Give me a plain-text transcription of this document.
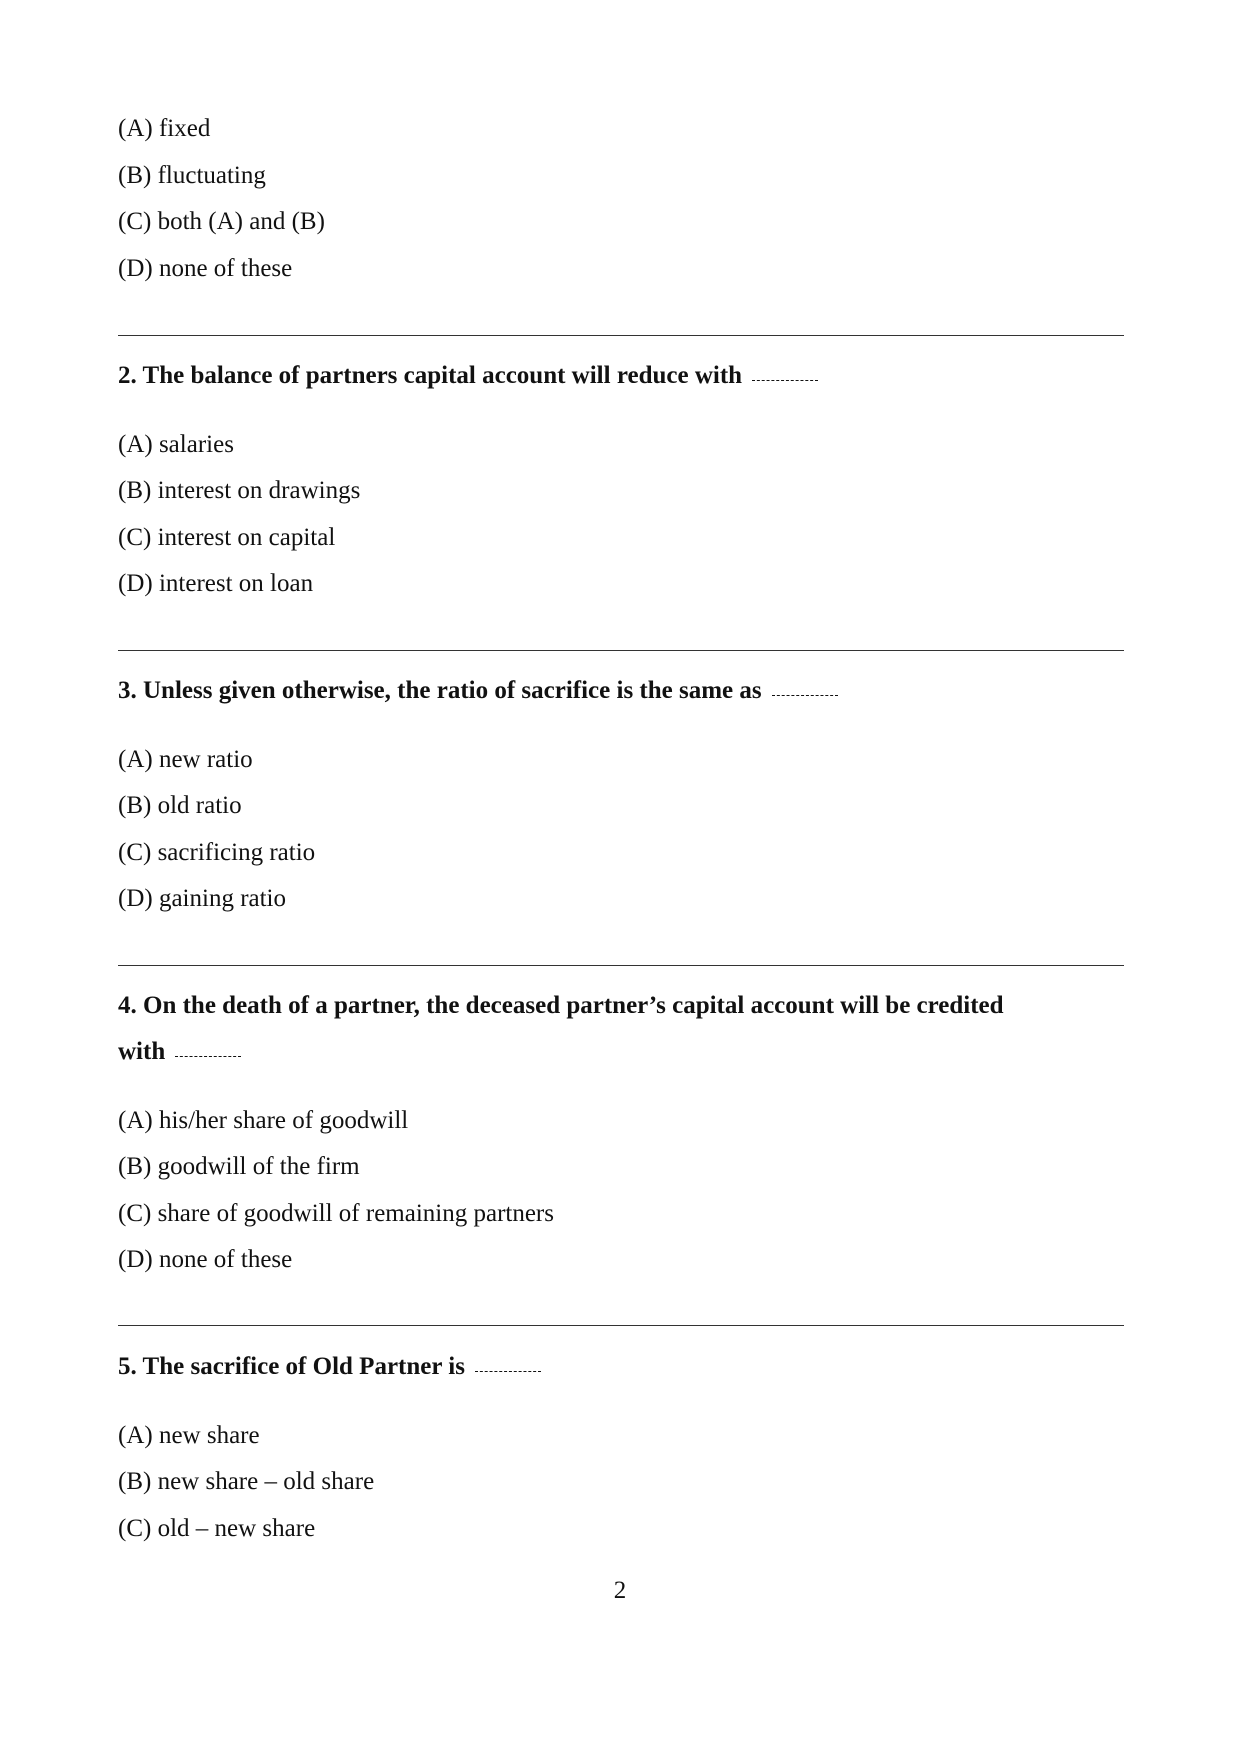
(A) fixed
(B) fluctuating
(C) both (A) and (B)
(D) none of these
2. The balance of partners capital account will reduce with
(A) salaries
(B) interest on drawings
(C) interest on capital
(D) interest on loan
3. Unless given otherwise, the ratio of sacrifice is the same as
(A) new ratio
(B) old ratio
(C) sacrificing ratio
(D) gaining ratio
4. On the death of a partner, the deceased partner’s capital account will be credited
with
(A) his/her share of goodwill
(B) goodwill of the firm
(C) share of goodwill of remaining partners
(D) none of these
5. The sacrifice of Old Partner is
(A) new share
(B) new share – old share
(C) old – new share
2
